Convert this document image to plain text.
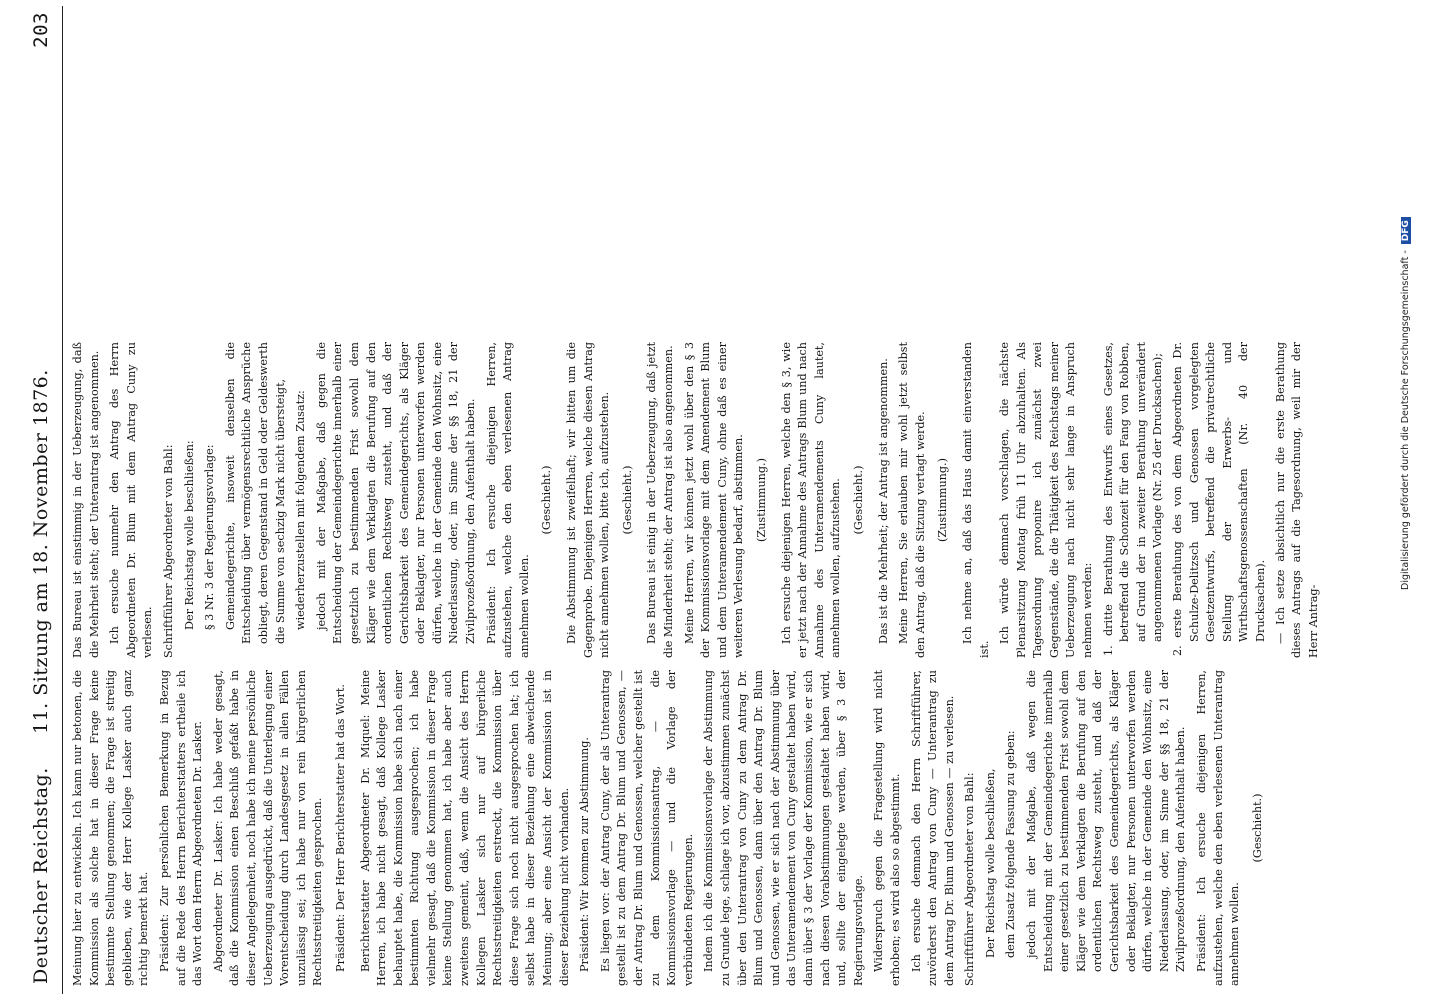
Deutscher Reichstag.
11. Sitzung am 18. November 1876.
203

Meinung hier zu entwickeln. Ich kann nur betonen, die Kommission als solche hat in dieser Frage keine bestimmte Stellung genommen; die Frage ist streitig geblieben, wie der Herr Kollege Lasker auch ganz richtig bemerkt hat. Präsident: Zur persönlichen Bemerkung in Bezug auf die Rede des Herrn Berichterstatters ertheile ich das Wort dem Herrn Abgeordneten Dr. Lasker. Abgeordneter Dr. Lasker: Ich habe weder gesagt, daß die Kommission einen Beschluß gefaßt habe in dieser Angelegenheit, noch habe ich meine persönliche Ueberzeugung ausgedrückt, daß die Unterlegung einer Vorentscheidung durch Landesgesetz in allen Fällen unzulässig sei; ich habe nur von rein bürgerlichen Rechtsstreitigkeiten gesprochen. Präsident: Der Herr Berichterstatter hat das Wort. Berichterstatter Abgeordneter Dr. Miquel: Meine Herren, ich habe nicht gesagt, daß Kollege Lasker behauptet habe, die Kommission habe sich nach einer bestimmten Richtung ausgesprochen; ich habe vielmehr gesagt, daß die Kommission in dieser Frage keine Stellung genommen hat, ich habe aber auch zweitens gemeint, daß, wenn die Ansicht des Herrn Kollegen Lasker sich nur auf bürgerliche Rechtsstreitigkeiten erstreckt, die Kommission über diese Frage sich noch nicht ausgesprochen hat; ich selbst habe in dieser Beziehung eine abweichende Meinung; aber eine Ansicht der Kommission ist in dieser Beziehung nicht vorhanden. Präsident: Wir kommen zur Abstimmung. Es liegen vor: der Antrag Cuny, der als Unterantrag gestellt ist zu dem Antrag Dr. Blum und Genossen, — der Antrag Dr. Blum und Genossen, welcher gestellt ist zu dem Kommissionsantrag, — die Kommissionsvorlage — und die Vorlage der verbündeten Regierungen. Indem ich die Kommissionsvorlage der Abstimmung zu Grunde lege, schlage ich vor, abzustimmen zunächst über den Unterantrag von Cuny zu dem Antrag Dr. Blum und Genossen, dann über den Antrag Dr. Blum und Genossen, wie er sich nach der Abstimmung über das Unteramendement von Cuny gestaltet haben wird, dann über § 3 der Vorlage der Kommission, wie er sich nach diesen Vorabstimmungen gestaltet haben wird, und, sollte der eingelegte werden, über § 3 der Regierungsvorlage. Widerspruch gegen die Fragestellung wird nicht erhoben; es wird also so abgestimmt. Ich ersuche demnach den Herrn Schriftführer, zuvörderst den Antrag von Cuny — Unterantrag zu dem Antrag Dr. Blum und Genossen — zu verlesen. Schriftführer Abgeordneter von Bahl: Der Reichstag wolle beschließen, dem Zusatz folgende Fassung zu geben: jedoch mit der Maßgabe, daß wegen die Entscheidung mit der Gemeindegerichte innerhalb einer gesetzlich zu bestimmenden Frist sowohl dem Kläger wie dem Verklagten die Berufung auf den ordentlichen Rechtsweg zusteht, und daß der Gerichtsbarkeit des Gemeindegerichts, als Kläger oder Beklagter, nur Personen unterworfen werden dürfen, welche in der Gemeinde den Wohnsitz, eine Niederlassung, oder, im Sinne der §§ 18, 21 der Zivilprozeßordnung, den Aufenthalt haben. Präsident: Ich ersuche diejenigen Herren, aufzustehen, welche den eben verlesenen Unterantrag annehmen wollen.

(Geschieht.)

Das Bureau ist einstimmig in der Ueberzeugung, daß die Mehrheit steht; der Unterantrag ist angenommen. Ich ersuche nunmehr den Antrag des Herrn Abgeordneten Dr. Blum mit dem Antrag Cuny zu verlesen. Schriftführer Abgeordneter von Bahl: Der Reichstag wolle beschließen: § 3 Nr. 3 der Regierungsvorlage: Gemeindegerichte, insoweit denselben die Entscheidung über vermögensrechtliche Ansprüche obliegt, deren Gegenstand in Geld oder Geldeswerth die Summe von sechzig Mark nicht übersteigt, wiederherzustellen mit folgendem Zusatz: jedoch mit der Maßgabe, daß gegen die Entscheidung der Gemeindegerichte innerhalb einer gesetzlich zu bestimmenden Frist sowohl dem Kläger wie dem Verklagten die Berufung auf den ordentlichen Rechtsweg zusteht, und daß der Gerichtsbarkeit des Gemeindegerichts, als Kläger oder Beklagter, nur Personen unterworfen werden dürfen, welche in der Gemeinde den Wohnsitz, eine Niederlassung, oder, im Sinne der §§ 18, 21 der Zivilprozeßordnung, den Aufenthalt haben. Präsident: Ich ersuche diejenigen Herren, aufzustehen, welche den eben verlesenen Antrag annehmen wollen.

(Geschieht.) Die Abstimmung ist zweifelhaft; wir bitten um die Gegenprobe. Diejenigen Herren, welche diesen Antrag nicht annehmen wollen, bitte ich, aufzustehen. (Geschieht.) Das Bureau ist einig in der Ueberzeugung, daß jetzt die Minderheit steht; der Antrag ist also angenommen. Meine Herren, wir können jetzt wohl über den § 3 der Kommissionsvorlage mit dem Amendement Blum und dem Unteramendement Cuny, ohne daß es einer weiteren Verlesung bedarf, abstimmen. (Zustimmung.) Ich ersuche diejenigen Herren, welche den § 3, wie er jetzt nach der Annahme des Antrags Blum und nach Annahme des Unteramendements Cuny lautet, annehmen wollen, aufzustehen. (Geschieht.) Das ist die Mehrheit; der Antrag ist angenommen. Meine Herren, Sie erlauben mir wohl jetzt selbst den Antrag, daß die Sitzung vertagt werde. (Zustimmung.) Ich nehme an, daß das Haus damit einverstanden ist.

Ich würde demnach vorschlagen, die nächste Plenarsitzung Montag früh 11 Uhr abzuhalten. Als Tagesordnung proponire ich zunächst zwei Gegenstände, die die Thätigkeit des Reichstags meiner Ueberzeugung nach nicht sehr lange in Anspruch nehmen werden: 1. dritte Berathung des Entwurfs eines Gesetzes, betreffend die Schonzeit für den Fang von Robben, auf Grund der in zweiter Berathung unverändert angenommenen Vorlage (Nr. 25 der Drucksachen); 2. erste Berathung des von dem Abgeordneten Dr. Schulze-Delitzsch und Genossen vorgelegten Gesetzentwurfs, betreffend die privatrechtliche Stellung der Erwerbs- und Wirthschaftsgenossenschaften (Nr. 40 der Drucksachen). — Ich setze absichtlich nur die erste Berathung dieses Antrags auf die Tagesordnung, weil mir der Herr Antrag-

Digitalisierung gefördert durch die Deutsche Forschungsgemeinschaft - DFG
